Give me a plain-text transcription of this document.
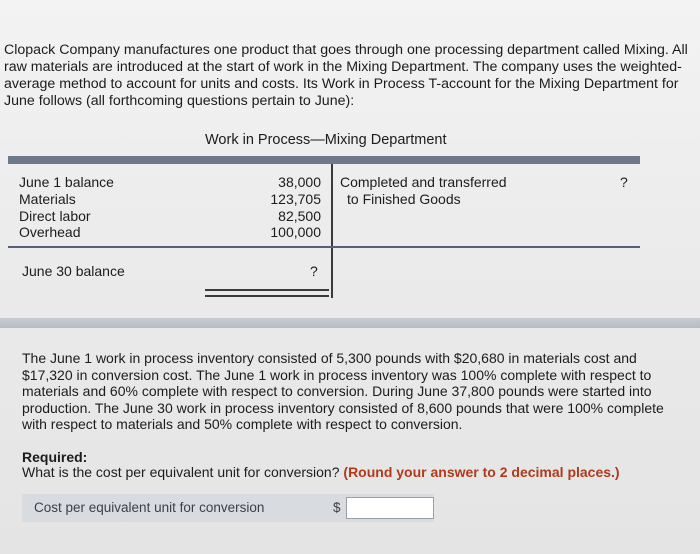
Clopack Company manufactures one product that goes through one processing department called Mixing. All raw materials are introduced at the start of work in the Mixing Department. The company uses the weighted-average method to account for units and costs. Its Work in Process T-account for the Mixing Department for June follows (all forthcoming questions pertain to June):

Work in Process—Mixing Department
June 1 balance
Materials
Direct labor
Overhead
38,000
123,705
82,500
100,000
Completed and transferred
to Finished Goods
?
June 30 balance	?

The June 1 work in process inventory consisted of 5,300 pounds with $20,680 in materials cost and $17,320 in conversion cost. The June 1 work in process inventory was 100% complete with respect to materials and 60% complete with respect to conversion. During June 37,800 pounds were started into production. The June 30 work in process inventory consisted of 8,600 pounds that were 100% complete with respect to materials and 50% complete with respect to conversion.

Required:
What is the cost per equivalent unit for conversion? (Round your answer to 2 decimal places.)
Cost per equivalent unit for conversion	$
